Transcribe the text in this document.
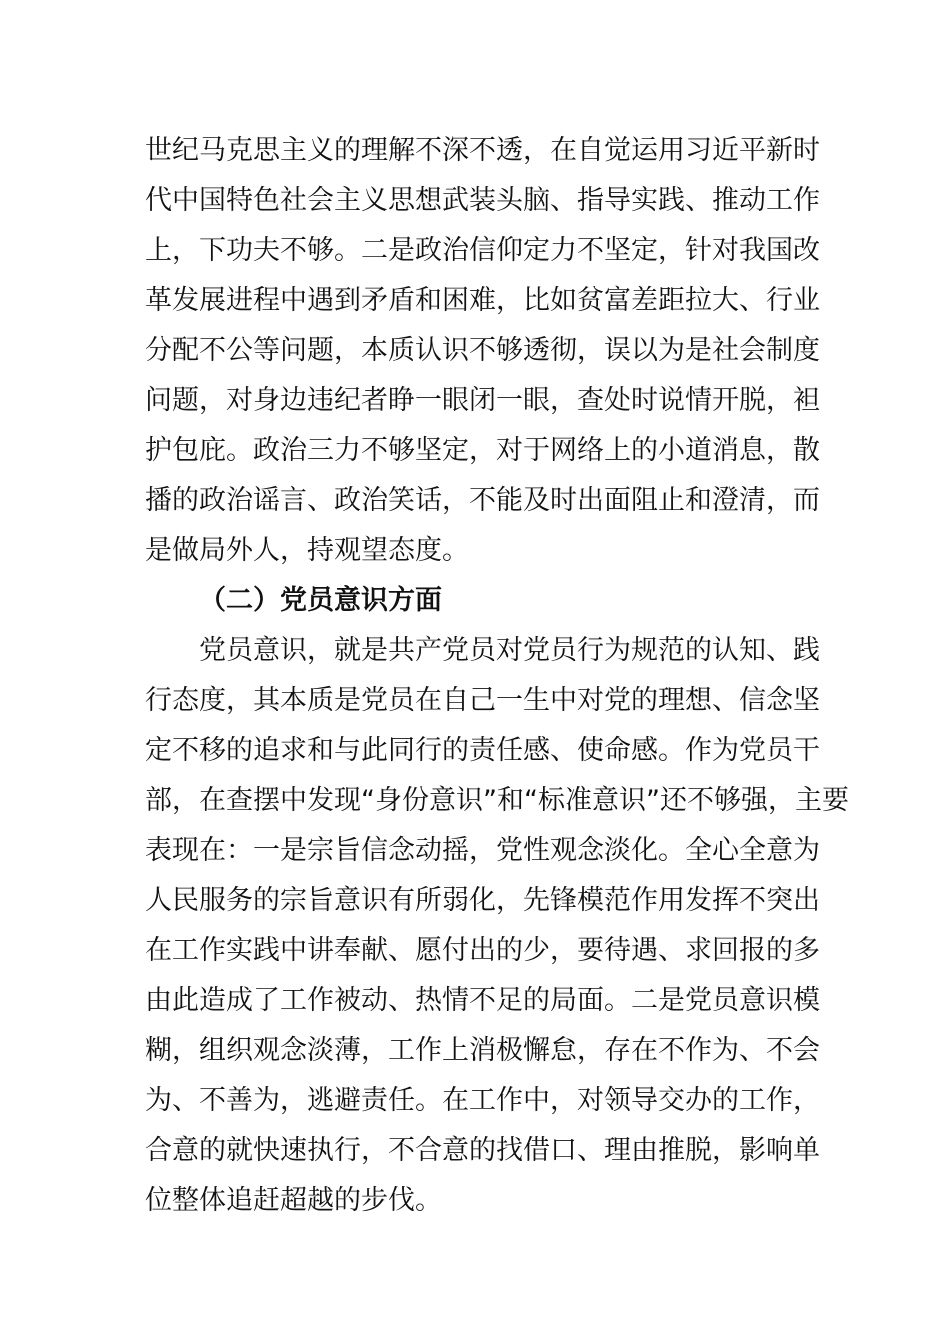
世纪马克思主义的理解不深不透，在自觉运用习近平新时
代中国特色社会主义思想武装头脑、指导实践、推动工作
上，下功夫不够。二是政治信仰定力不坚定，针对我国改
革发展进程中遇到矛盾和困难，比如贫富差距拉大、行业
分配不公等问题，本质认识不够透彻，误以为是社会制度
问题，对身边违纪者睁一眼闭一眼，查处时说情开脱，袒
护包庇。政治三力不够坚定，对于网络上的小道消息，散
播的政治谣言、政治笑话，不能及时出面阻止和澄清，而
是做局外人，持观望态度。
（二）党员意识方面
党员意识，就是共产党员对党员行为规范的认知、践
行态度，其本质是党员在自己一生中对党的理想、信念坚
定不移的追求和与此同行的责任感、使命感。作为党员干
部，在查摆中发现“身份意识”和“标准意识”还不够强，主要
表现在：一是宗旨信念动摇，党性观念淡化。全心全意为
人民服务的宗旨意识有所弱化，先锋模范作用发挥不突出
在工作实践中讲奉献、愿付出的少，要待遇、求回报的多
由此造成了工作被动、热情不足的局面。二是党员意识模
糊，组织观念淡薄，工作上消极懈怠，存在不作为、不会
为、不善为，逃避责任。在工作中，对领导交办的工作，
合意的就快速执行，不合意的找借口、理由推脱，影响单
位整体追赶超越的步伐。
